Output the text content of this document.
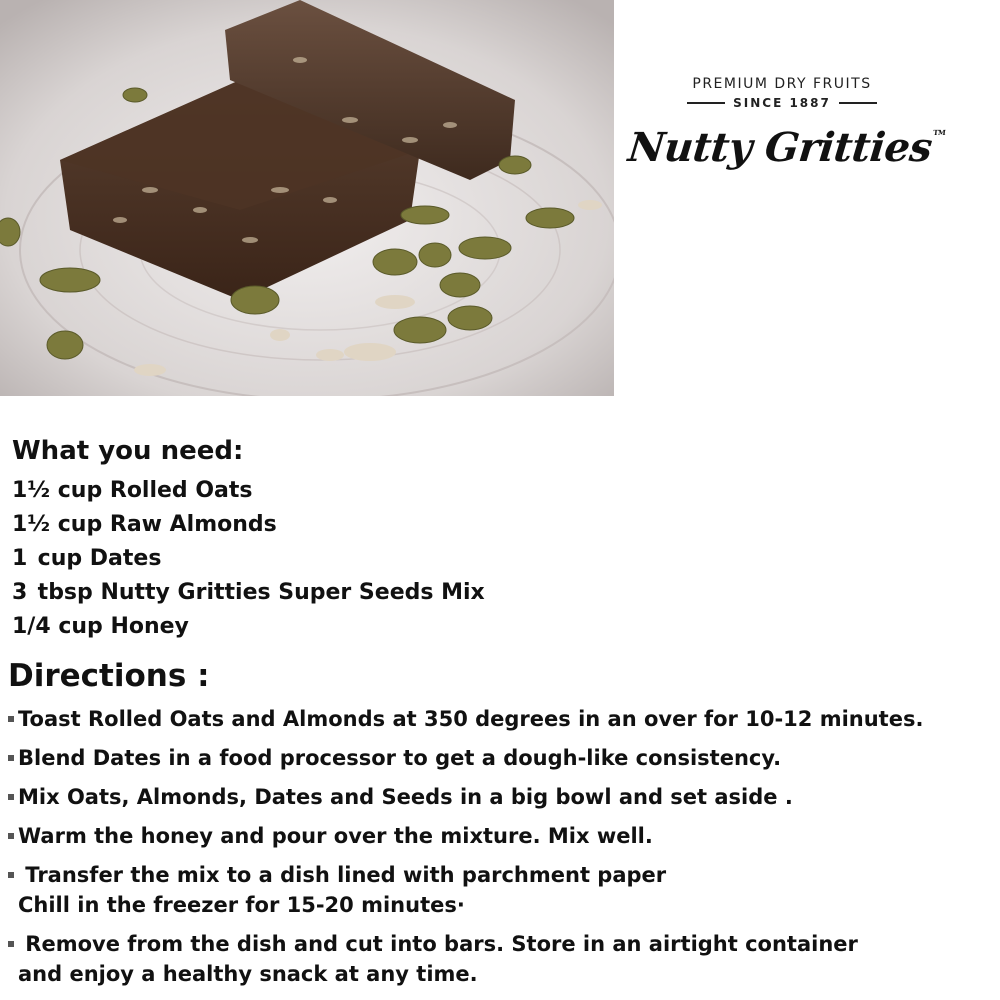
PREMIUM DRY FRUITS
SINCE 1887
Nutty Gritties™

What you need:

1½ cup Rolled Oats

1½ cup Raw Almonds

1 cup Dates

3 tbsp Nutty Gritties Super Seeds Mix

1/4 cup Honey

Directions :

Toast Rolled Oats and Almonds at 350 degrees in an over for 10-12 minutes.

Blend Dates in a food processor to get a dough-like consistency.

Mix Oats, Almonds, Dates and Seeds in a big bowl and set aside .

Warm the honey and pour over the mixture. Mix well.

Transfer the mix to a dish lined with parchment paper
Chill in the freezer for 15-20 minutes·

Remove from the dish and cut into bars. Store in an airtight container
and enjoy a healthy snack at any time.
